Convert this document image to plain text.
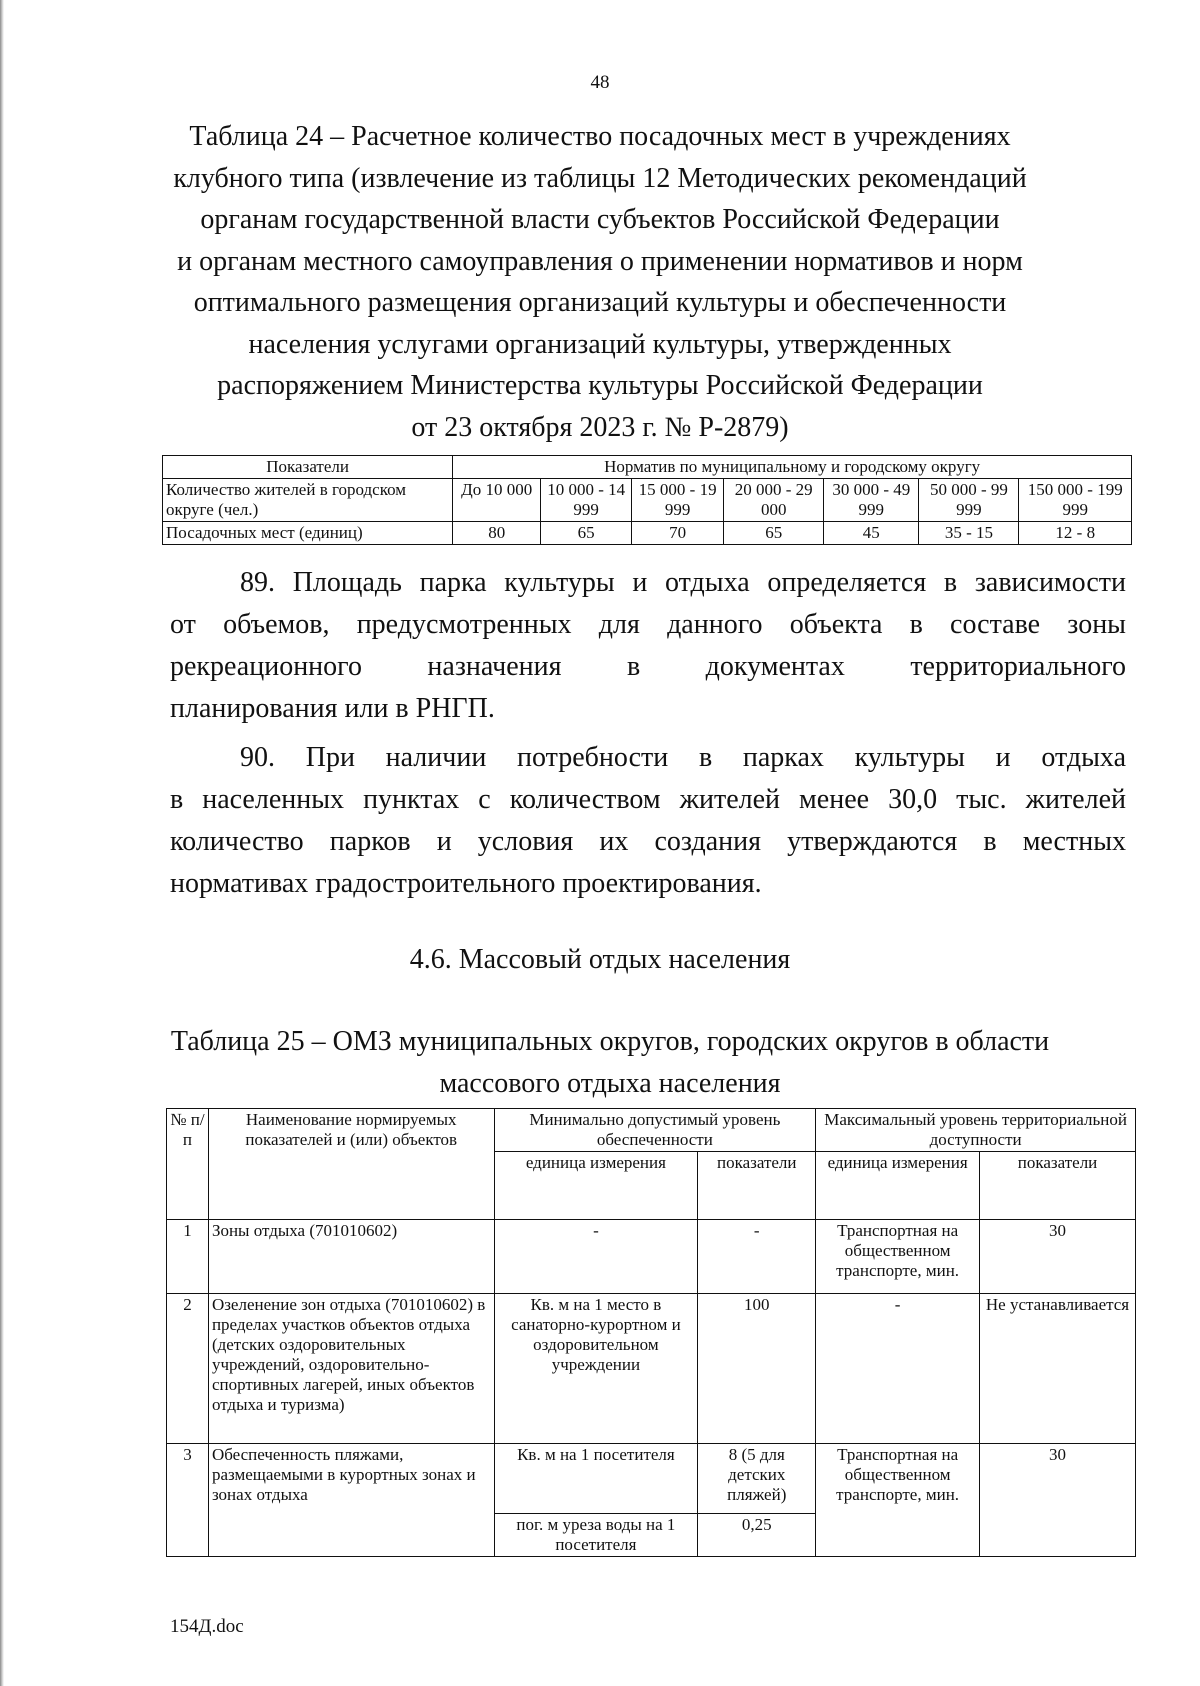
48
Таблица 24 – Расчетное количество посадочных мест в учреждениях
клубного типа (извлечение из таблицы 12 Методических рекомендаций
органам государственной власти субъектов Российской Федерации
и органам местного самоуправления о применении нормативов и норм
оптимального размещения организаций культуры и обеспеченности
населения услугами организаций культуры, утвержденных
распоряжением Министерства культуры Российской Федерации
от 23 октября 2023 г. № Р-2879)
Показатели	Норматив по муниципальному и городскому округу						
Количество жителей в городском округе (чел.)	До 10 000	10 000 - 14 999	15 000 - 19 999	20 000 - 29 000	30 000 - 49 999	50 000 - 99 999	150 000 - 199 999
Посадочных мест (единиц)	80	65	70	65	45	35 - 15	12 - 8
89. Площадь парка культуры и отдыха определяется в зависимости
от объемов, предусмотренных для данного объекта в составе зоны
рекреационного назначения в документах территориального
планирования или в РНГП.
90. При наличии потребности в парках культуры и отдыха
в населенных пунктах с количеством жителей менее 30,0 тыс. жителей
количество парков и условия их создания утверждаются в местных
нормативах градостроительного проектирования.
4.6. Массовый отдых населения
Таблица 25 – ОМЗ муниципальных округов, городских округов в области
массового отдыха населения
№ п/п	Наименование нормируемых показателей и (или) объектов	Минимально допустимый уровень обеспеченности		Максимальный уровень территориальной доступности	
		единица измерения	показатели	единица измерения	показатели
1	Зоны отдыха (701010602)	-	-	Транспортная на общественном транспорте, мин.	30
2	Озеленение зон отдыха (701010602) в пределах участков объектов отдыха (детских оздоровительных учреждений, оздоровительно-спортивных лагерей, иных объектов отдыха и туризма)	Кв. м на 1 место в санаторно-курортном и оздоровительном учреждении	100	-	Не устанавливается
3	Обеспеченность пляжами, размещаемыми в курортных зонах и зонах отдыха	Кв. м на 1 посетителя	8 (5 для детских пляжей)	Транспортная на общественном транспорте, мин.	30
		пог. м уреза воды на 1 посетителя	0,25		
154Д.doc
